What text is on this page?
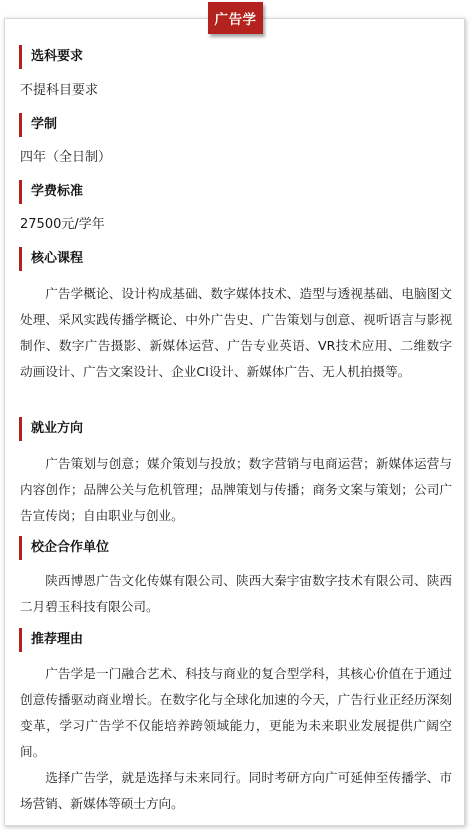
广告学
选科要求
不提科目要求
学制
四年（全日制）
学费标准
27500元/学年
核心课程

广告学概论、设计构成基础、数字媒体技术、造型与透视基础、电脑图文处理、采风实践传播学概论、中外广告史、广告策划与创意、视听语言与影视制作、数字广告摄影、新媒体运营、广告专业英语、VR技术应用、二维数字动画设计、广告文案设计、企业CI设计、新媒体广告、无人机拍摄等。

就业方向

广告策划与创意；媒介策划与投放；数字营销与电商运营；新媒体运营与内容创作；品牌公关与危机管理；品牌策划与传播；商务文案与策划；公司广告宣传岗；自由职业与创业。

校企合作单位

陕西博恩广告文化传媒有限公司、陕西大秦宇宙数字技术有限公司、陕西二月碧玉科技有限公司。

推荐理由

广告学是一门融合艺术、科技与商业的复合型学科，其核心价值在于通过创意传播驱动商业增长。在数字化与全球化加速的今天，广告行业正经历深刻变革，学习广告学不仅能培养跨领域能力，更能为未来职业发展提供广阔空间。

选择广告学，就是选择与未来同行。同时考研方向广可延伸至传播学、市场营销、新媒体等硕士方向。
